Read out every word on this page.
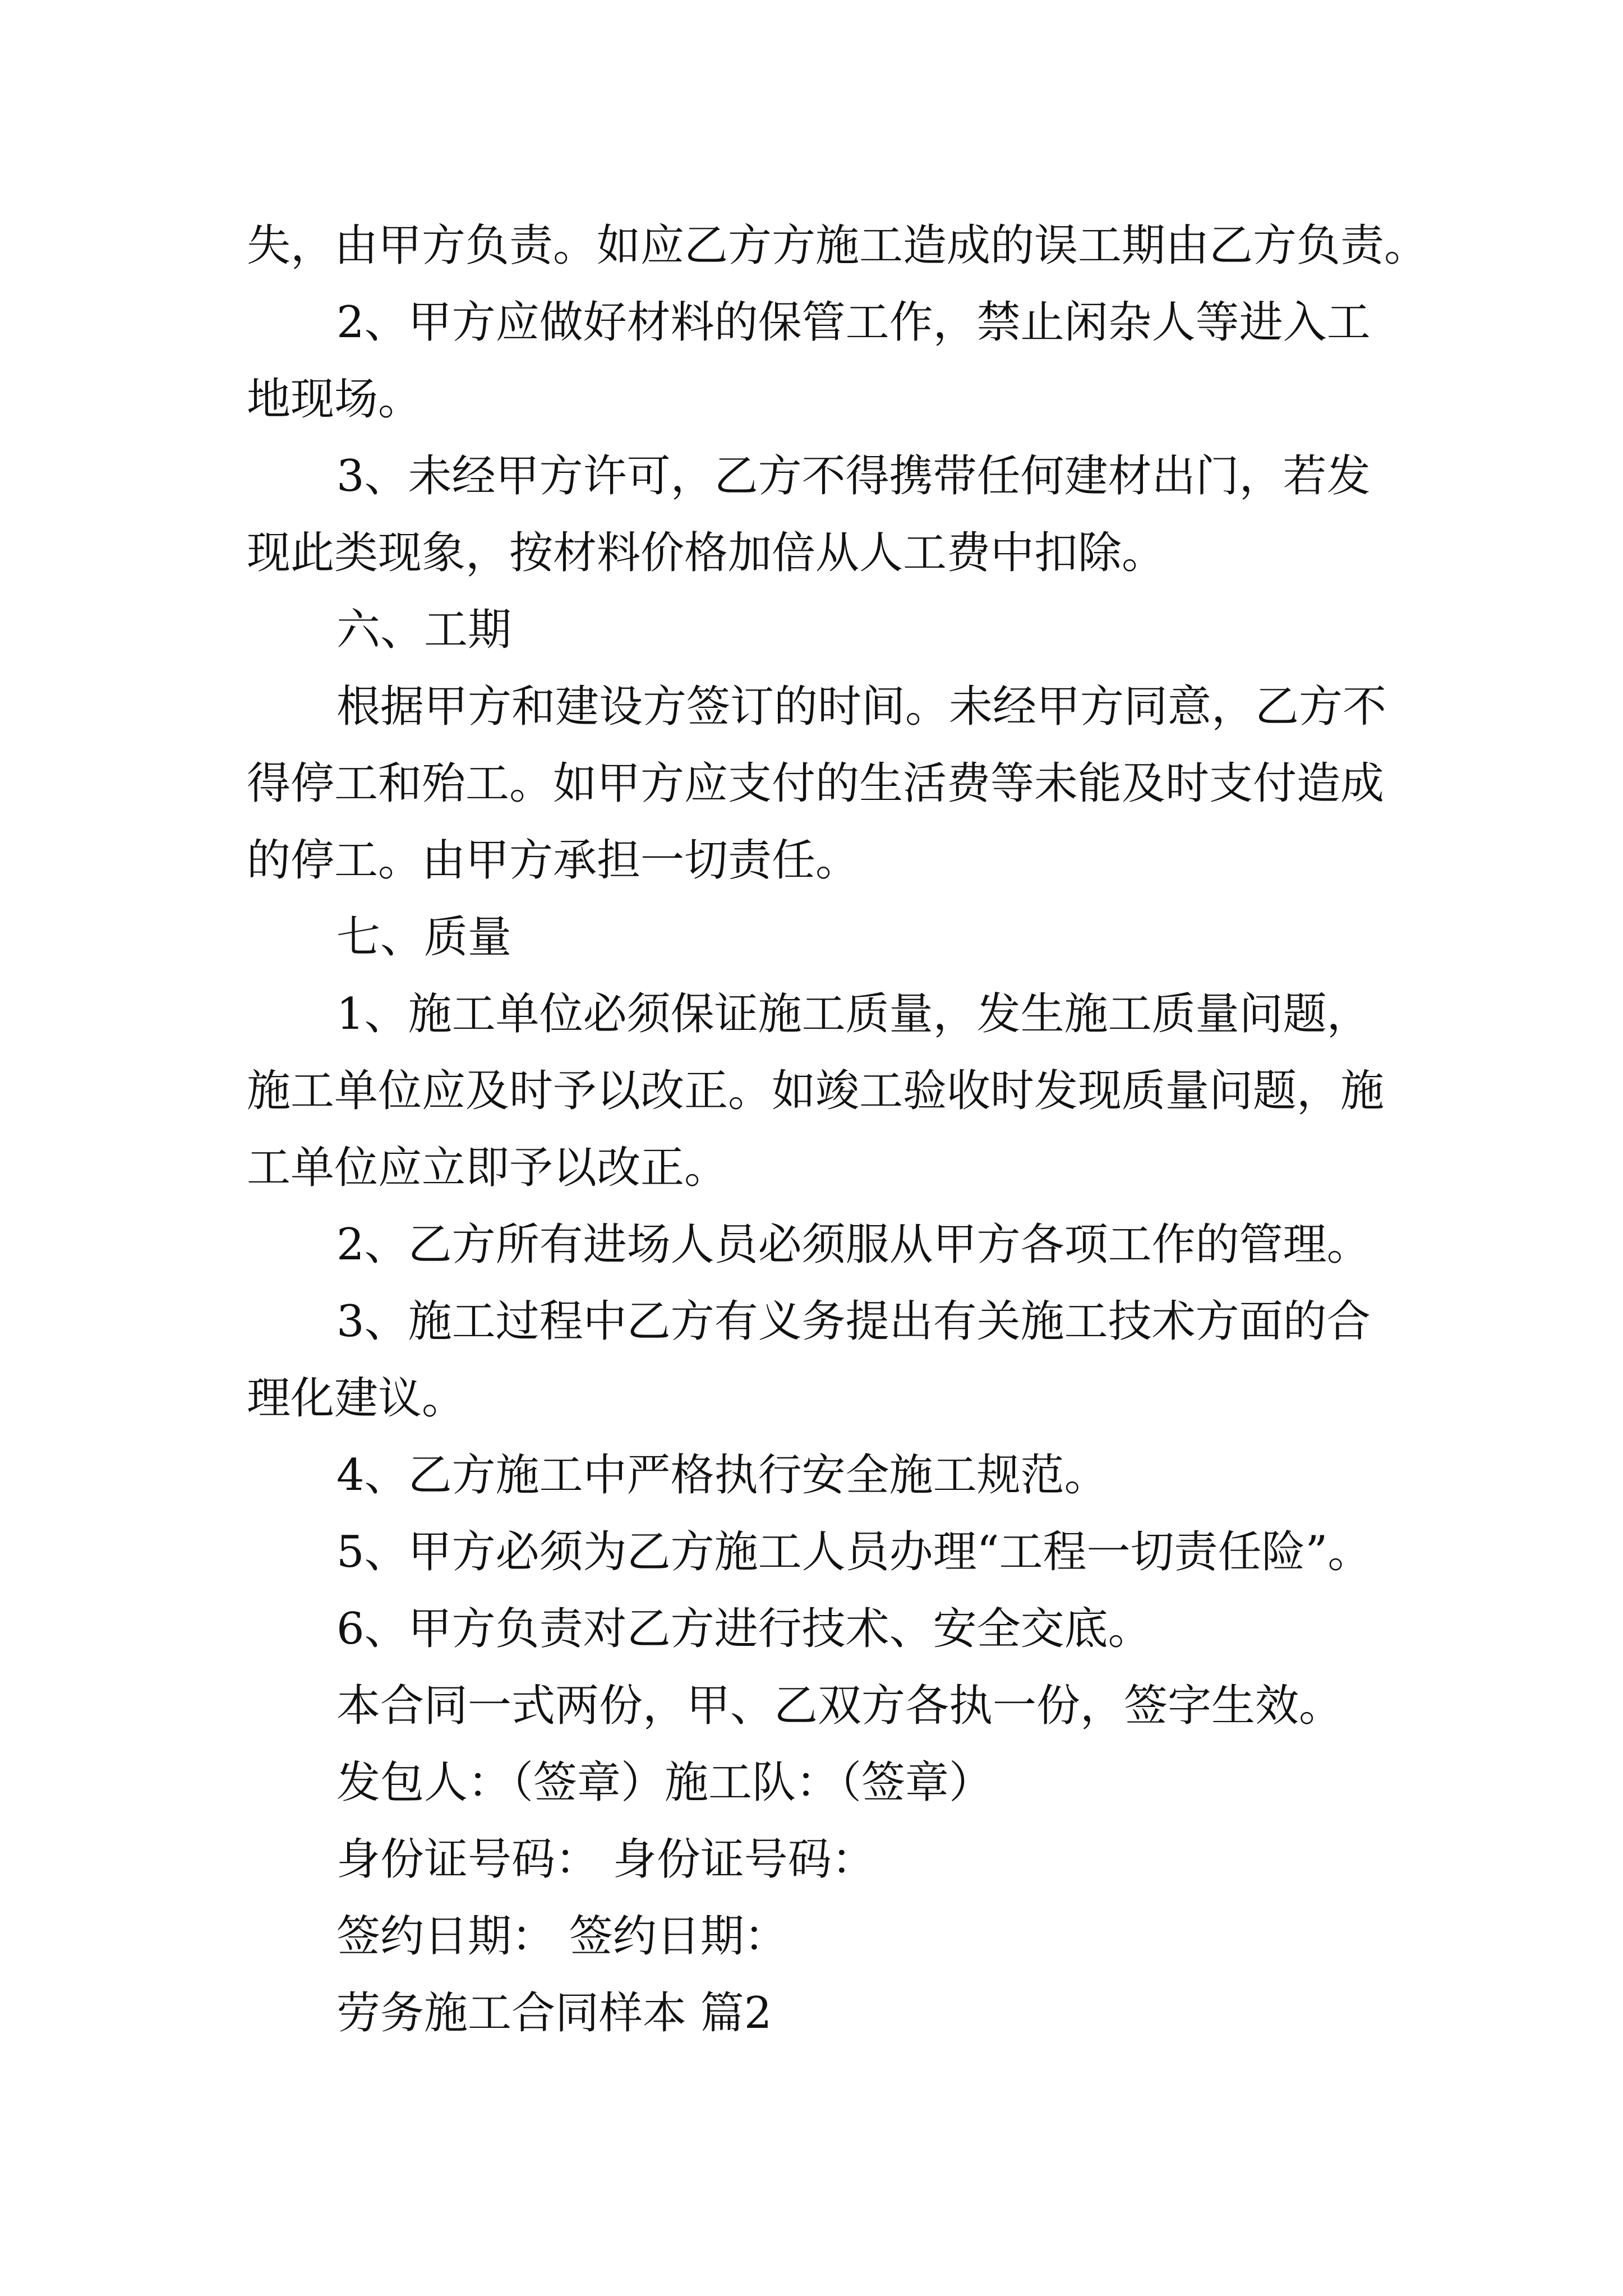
失，由甲方负责。如应乙方方施工造成的误工期由乙方负责。
2、甲方应做好材料的保管工作，禁止闲杂人等进入工
地现场。
3、未经甲方许可，乙方不得携带任何建材出门，若发
现此类现象，按材料价格加倍从人工费中扣除。
六、工期
根据甲方和建设方签订的时间。未经甲方同意，乙方不
得停工和殆工。如甲方应支付的生活费等未能及时支付造成
的停工。由甲方承担一切责任。
七、质量
1、施工单位必须保证施工质量，发生施工质量问题，
施工单位应及时予以改正。如竣工验收时发现质量问题，施
工单位应立即予以改正。
2、乙方所有进场人员必须服从甲方各项工作的管理。
3、施工过程中乙方有义务提出有关施工技术方面的合
理化建议。
4、乙方施工中严格执行安全施工规范。
5、甲方必须为乙方施工人员办理“工程一切责任险”。
6、甲方负责对乙方进行技术、安全交底。
本合同一式两份，甲、乙双方各执一份，签字生效。
发包人：（签章）施工队：（签章）
身份证号码： 身份证号码：
签约日期： 签约日期：
劳务施工合同样本 篇2
